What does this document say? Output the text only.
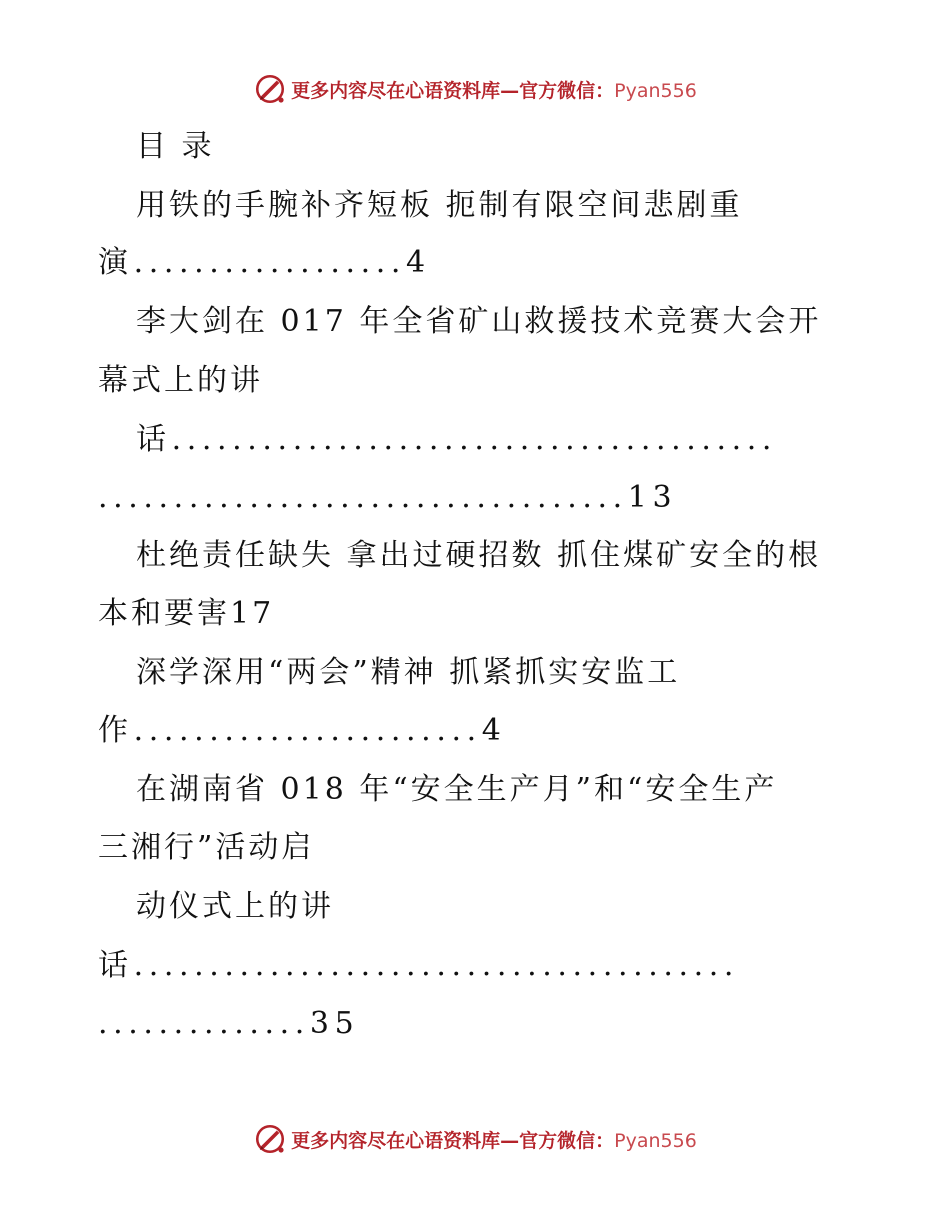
更多内容尽在心语资料库—官方微信：Pyan556
目 录
用铁的手腕补齐短板 扼制有限空间悲剧重
演..................4
李大剑在 017 年全省矿山救援技术竞赛大会开
幕式上的讲
话........................................
...................................13
杜绝责任缺失 拿出过硬招数 抓住煤矿安全的根
本和要害17
深学深用“两会”精神 抓紧抓实安监工
作.......................4
在湖南省 018 年“安全生产月”和“安全生产
三湘行”活动启
动仪式上的讲
话........................................
..............35
更多内容尽在心语资料库—官方微信：Pyan556
